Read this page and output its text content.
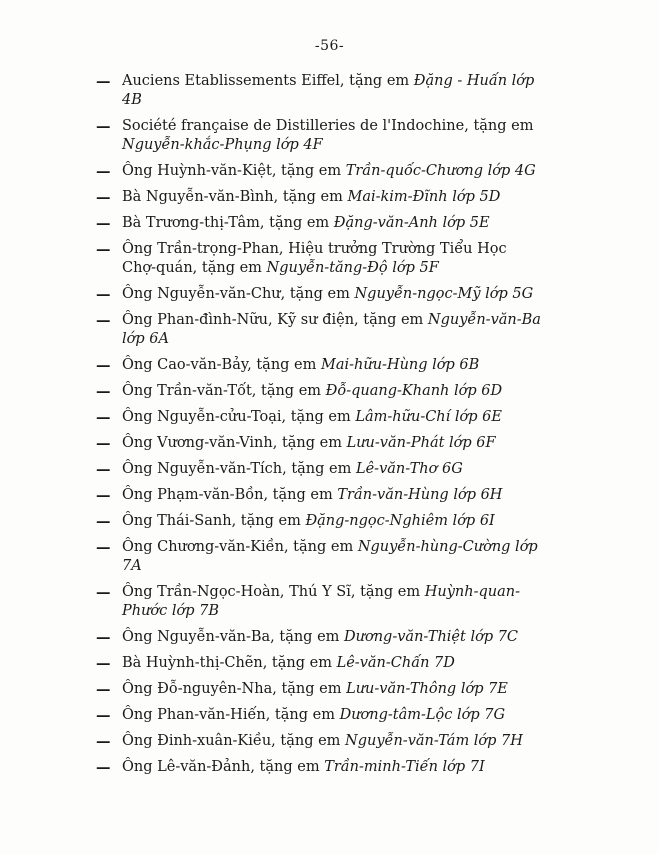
-56-
— Auciens Etablissements Eiffel, tặng em Đặng - Huấn lớp 4B
— Société française de Distilleries de l'Indochine, tặng em Nguyễn-khắc-Phụng lớp 4F
— Ông Huỳnh-văn-Kiệt, tặng em Trần-quốc-Chương lớp 4G
— Bà Nguyễn-văn-Bình, tặng em Mai-kim-Đĩnh lớp 5D
— Bà Trương-thị-Tâm, tặng em Đặng-văn-Anh lớp 5E
— Ông Trần-trọng-Phan, Hiệu trưởng Trường Tiểu Học Chợ-quán, tặng em Nguyễn-tăng-Độ lớp 5F
— Ông Nguyễn-văn-Chư, tặng em Nguyễn-ngọc-Mỹ lớp 5G
— Ông Phan-đình-Nữu, Kỹ sư điện, tặng em Nguyễn-văn-Ba lớp 6A
— Ông Cao-văn-Bảy, tặng em Mai-hữu-Hùng lớp 6B
— Ông Trần-văn-Tốt, tặng em Đỗ-quang-Khanh lớp 6D
— Ông Nguyễn-cửu-Toại, tặng em Lâm-hữu-Chí lớp 6E
— Ông Vương-văn-Vinh, tặng em Lưu-văn-Phát lớp 6F
— Ông Nguyễn-văn-Tích, tặng em Lê-văn-Thơ 6G
— Ông Phạm-văn-Bồn, tặng em Trần-văn-Hùng lớp 6H
— Ông Thái-Sanh, tặng em Đặng-ngọc-Nghiêm lớp 6I
— Ông Chương-văn-Kiền, tặng em Nguyễn-hùng-Cường lớp 7A
— Ông Trần-Ngọc-Hoàn, Thú Y Sĩ, tặng em Huỳnh-quan-Phước lớp 7B
— Ông Nguyễn-văn-Ba, tặng em Dương-văn-Thiệt lớp 7C
— Bà Huỳnh-thị-Chẽn, tặng em Lê-văn-Chấn 7D
— Ông Đỗ-nguyên-Nha, tặng em Lưu-văn-Thông lớp 7E
— Ông Phan-văn-Hiến, tặng em Dương-tâm-Lộc lớp 7G
— Ông Đinh-xuân-Kiều, tặng em Nguyễn-văn-Tám lớp 7H
— Ông Lê-văn-Đảnh, tặng em Trần-minh-Tiến lớp 7I
